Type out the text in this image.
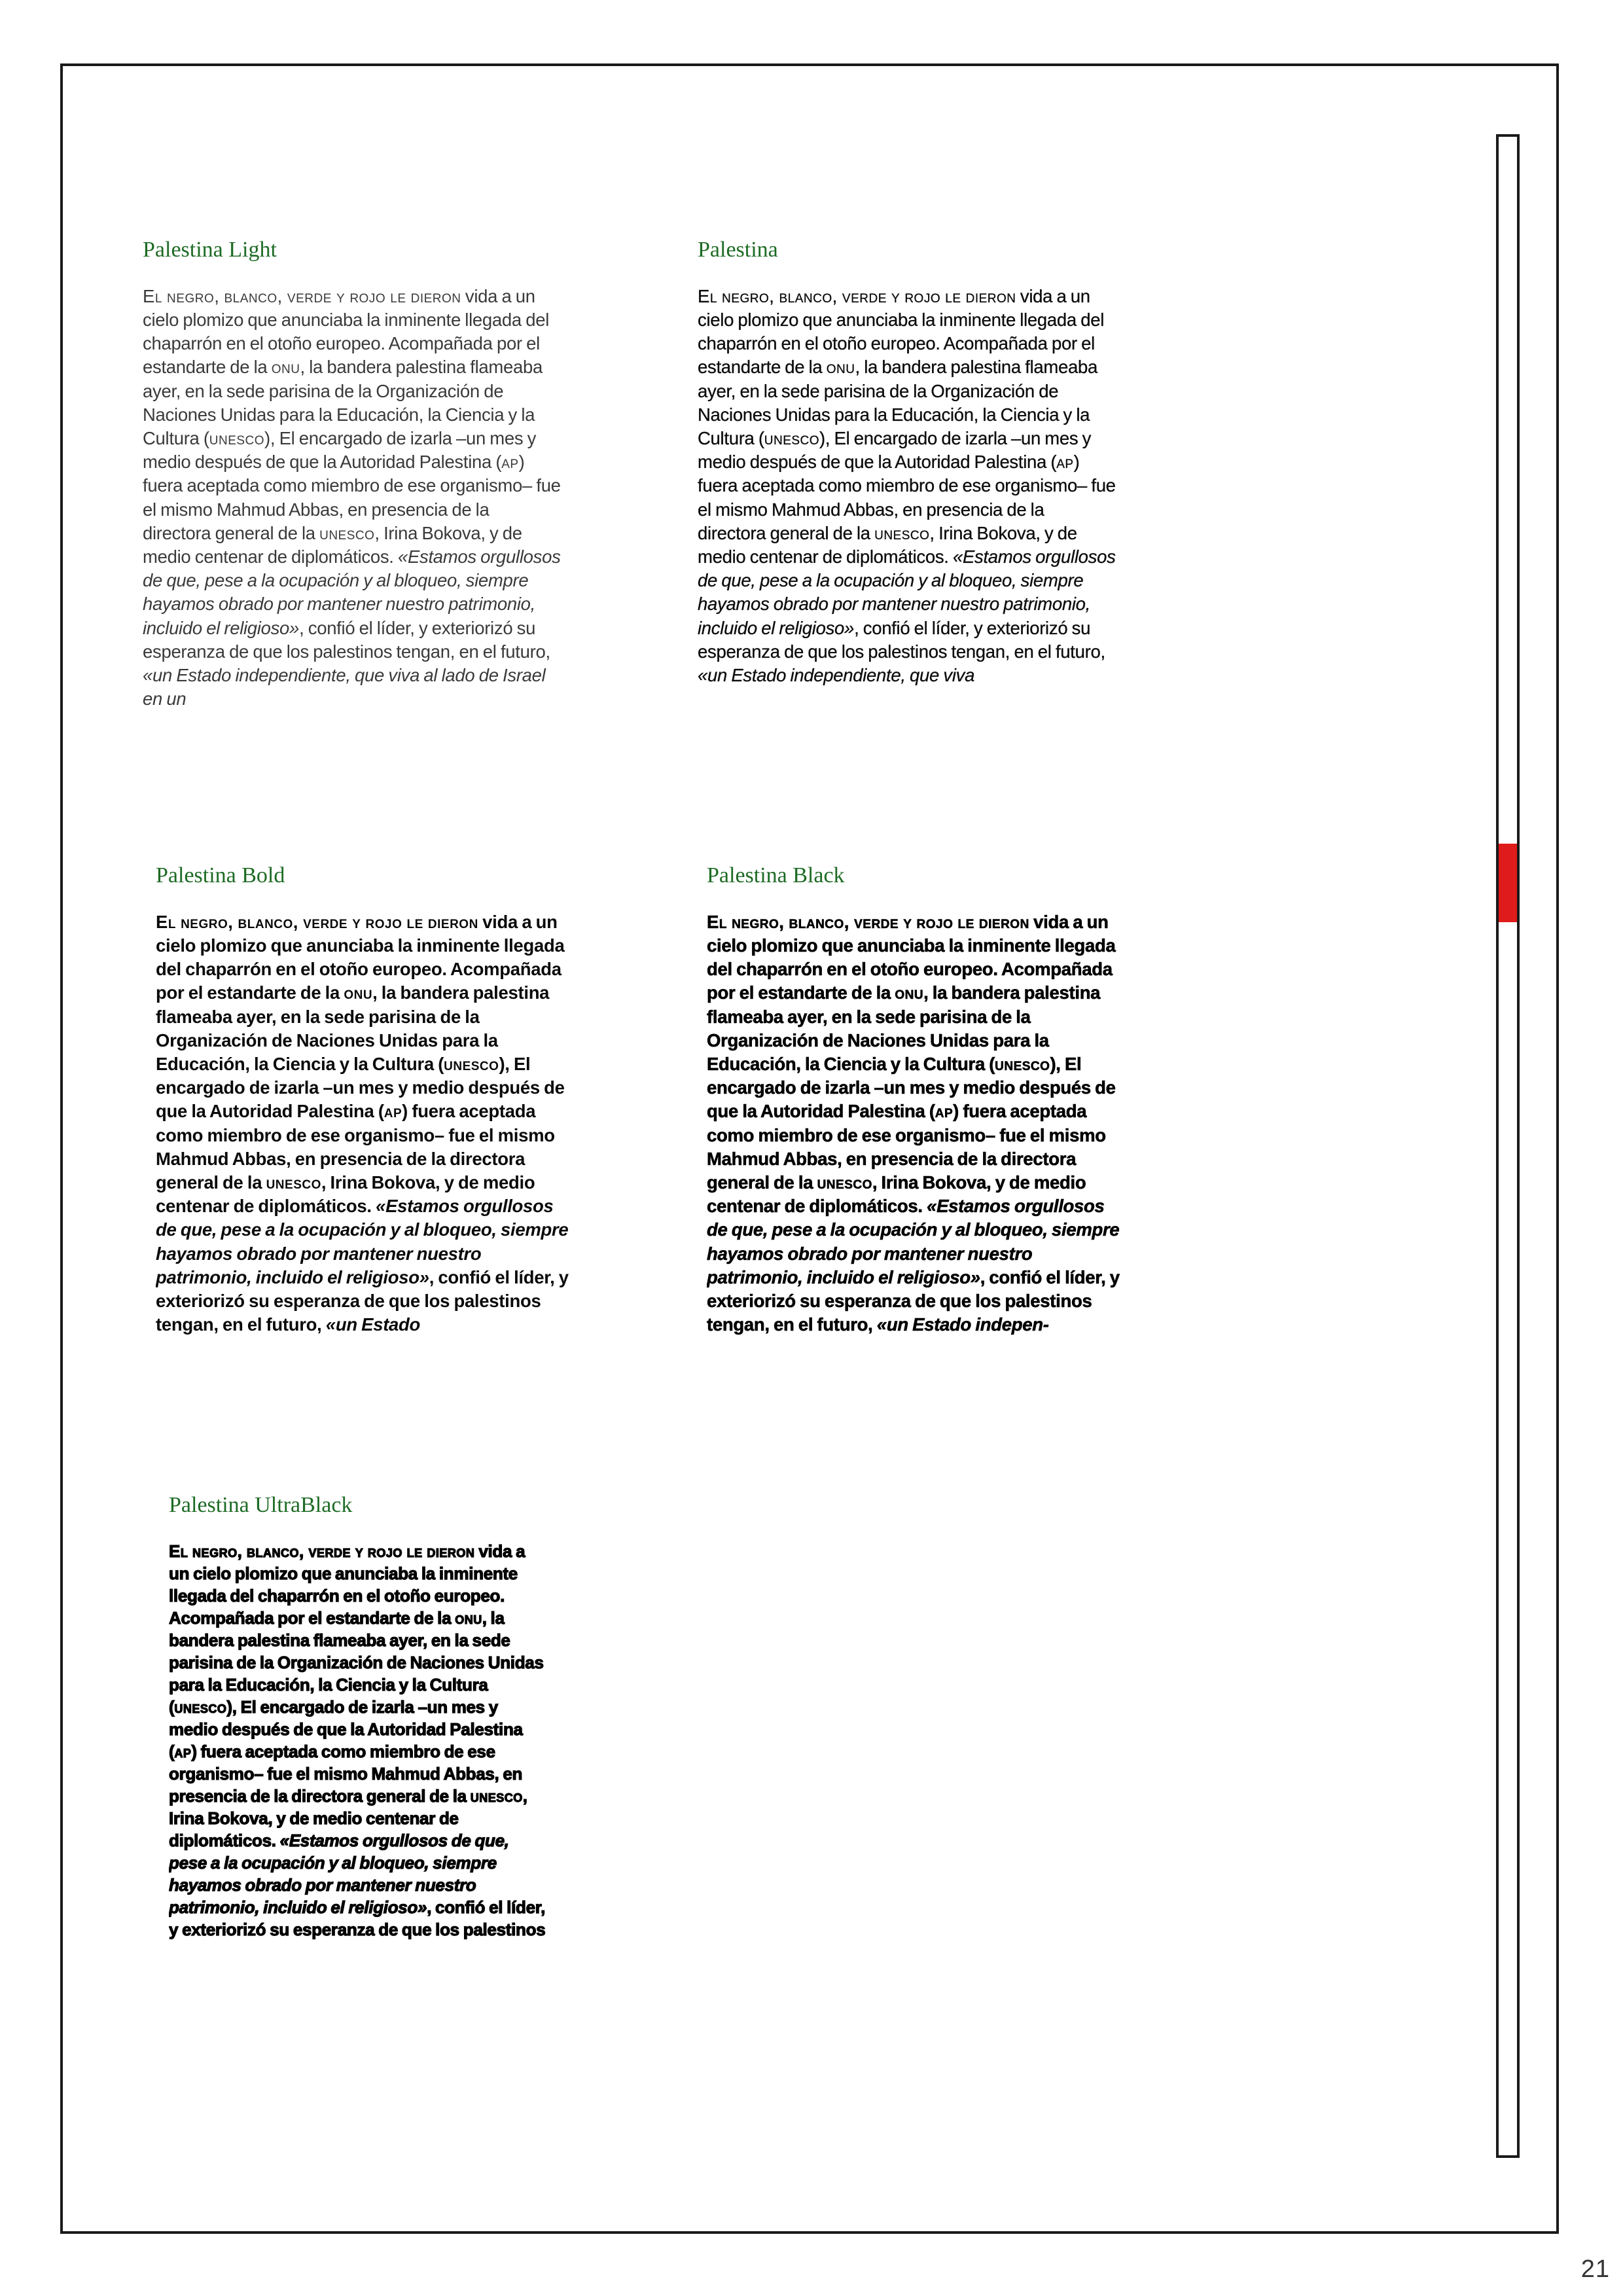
Palestina Light
El negro, blanco, verde y rojo le dieron vida a un cielo plomizo que anunciaba la inminente llegada del chaparrón en el otoño europeo. Acompañada por el estandarte de la onu, la bandera palestina flameaba ayer, en la sede parisina de la Organización de Naciones Unidas para la Educación, la Ciencia y la Cultura (unesco), El encargado de izarla –un mes y medio después de que la Autoridad Palestina (ap) fuera aceptada como miembro de ese organismo– fue el mismo Mahmud Abbas, en presencia de la directora general de la unesco, Irina Bokova, y de medio centenar de diplomáticos. «Estamos orgullosos de que, pese a la ocupación y al bloqueo, siempre hayamos obrado por mantener nuestro patrimonio, incluido el religioso», confió el líder, y exteriorizó su esperanza de que los palestinos tengan, en el futuro, «un Estado independiente, que viva al lado de Israel en un
Palestina
El negro, blanco, verde y rojo le dieron vida a un cielo plomizo que anunciaba la inminente llegada del chaparrón en el otoño europeo. Acompañada por el estandarte de la onu, la bandera palestina flameaba ayer, en la sede parisina de la Organización de Naciones Unidas para la Educación, la Ciencia y la Cultura (unesco), El encargado de izarla –un mes y medio después de que la Autoridad Palestina (ap) fuera aceptada como miembro de ese organismo– fue el mismo Mahmud Abbas, en presencia de la directora general de la unesco, Irina Bokova, y de medio centenar de diplomáticos. «Estamos orgullosos de que, pese a la ocupación y al bloqueo, siempre hayamos obrado por mantener nuestro patrimonio, incluido el religioso», confió el líder, y exteriorizó su esperanza de que los palestinos tengan, en el futuro, «un Estado independiente, que viva
Palestina Bold
El negro, blanco, verde y rojo le dieron vida a un cielo plomizo que anunciaba la inminente llegada del chaparrón en el otoño europeo. Acompañada por el estandarte de la onu, la bandera palestina flameaba ayer, en la sede parisina de la Organización de Naciones Unidas para la Educación, la Ciencia y la Cultura (unesco), El encargado de izarla –un mes y medio después de que la Autoridad Palestina (ap) fuera aceptada como miembro de ese organismo– fue el mismo Mahmud Abbas, en presencia de la directora general de la unesco, Irina Bokova, y de medio centenar de diplomáticos. «Estamos orgullosos de que, pese a la ocupación y al bloqueo, siempre hayamos obrado por mantener nuestro patrimonio, incluido el religioso», confió el líder, y exteriorizó su esperanza de que los palestinos tengan, en el futuro, «un Estado
Palestina Black
El negro, blanco, verde y rojo le dieron vida a un cielo plomizo que anunciaba la inminente llegada del chaparrón en el otoño europeo. Acompañada por el estandarte de la onu, la bandera palestina flameaba ayer, en la sede parisina de la Organización de Naciones Unidas para la Educación, la Ciencia y la Cultura (unesco), El encargado de izarla –un mes y medio después de que la Autoridad Palestina (ap) fuera aceptada como miembro de ese organismo– fue el mismo Mahmud Abbas, en presencia de la directora general de la unesco, Irina Bokova, y de medio centenar de diplomáticos. «Estamos orgullosos de que, pese a la ocupación y al bloqueo, siempre hayamos obrado por mantener nuestro patrimonio, incluido el religioso», confió el líder, y exteriorizó su esperanza de que los palestinos tengan, en el futuro, «un Estado indepen-
Palestina UltraBlack
El negro, blanco, verde y rojo le dieron vida a un cielo plomizo que anunciaba la inminente llegada del chaparrón en el otoño europeo. Acompañada por el estandarte de la onu, la bandera palestina flameaba ayer, en la sede parisina de la Organización de Naciones Unidas para la Educación, la Ciencia y la Cultura (unesco), El encargado de izarla –un mes y medio después de que la Autoridad Palestina (ap) fuera aceptada como miembro de ese organismo– fue el mismo Mahmud Abbas, en presencia de la directora general de la unesco, Irina Bokova, y de medio centenar de diplomáticos. «Estamos orgullosos de que, pese a la ocupación y al bloqueo, siempre hayamos obrado por mantener nuestro patrimonio, incluido el religioso», confió el líder, y exteriorizó su esperanza de que los palestinos
21
